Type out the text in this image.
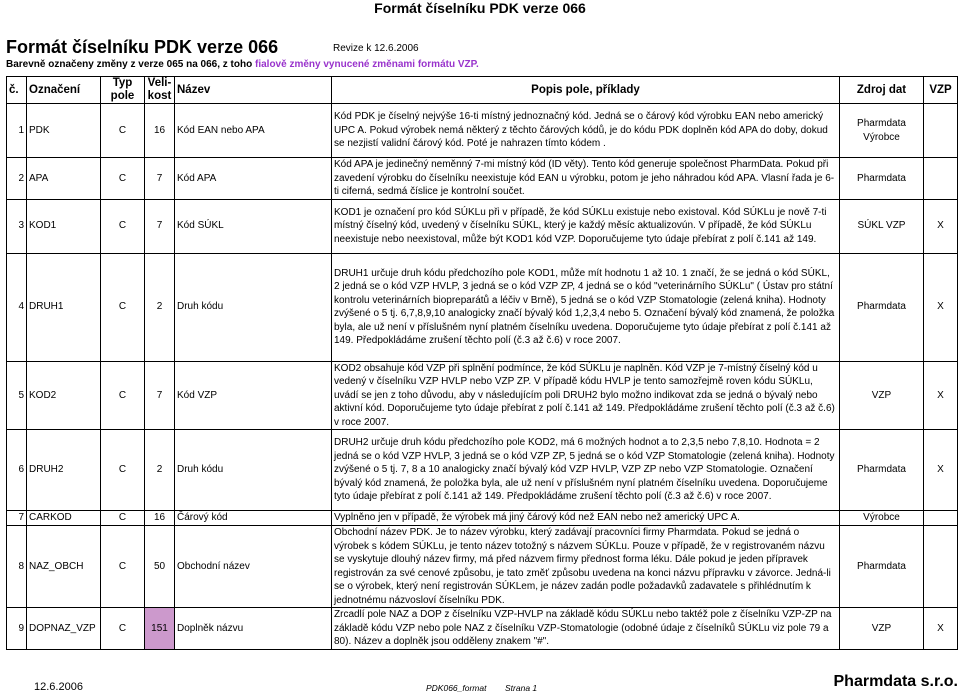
Formát číselníku PDK verze 066
Formát číselníku PDK verze 066	Revize k 12.6.2006
Barevně označeny změny z verze 065 na 066, z toho fialově změny vynucené změnami formátu VZP.
č.	Označení	Typ pole	Veli- kost	Název	Popis pole, příklady	Zdroj dat	VZP
1	PDK	C	16	Kód EAN nebo APA	Kód PDK je číselný nejvýše 16-ti místný jednoznačný kód. Jedná se o čárový kód výrobku EAN nebo americký UPC A. Pokud výrobek nemá některý z těchto čárových kódů, je do kódu PDK doplněn kód APA do doby, dokud se nezjistí validní čárový kód. Poté je nahrazen tímto kódem .	Pharmdata Výrobce	
2	APA	C	7	Kód APA	Kód APA je jedinečný neměnný 7-mi místný kód (ID věty). Tento kód generuje společnost PharmData. Pokud při zavedení výrobku do číselníku neexistuje kód EAN u výrobku, potom je jeho náhradou kód APA. Vlasní řada je 6-ti ciferná, sedmá číslice je kontrolní součet.	Pharmdata	
3	KOD1	C	7	Kód SÚKL	KOD1 je označení pro kód SÚKLu při v případě, že kód SÚKLu existuje nebo existoval. Kód SÚKLu je nově 7-ti místný číselný kód, uvedený v číselníku SÚKL, který je každý měsíc aktualizovún. V případě, že kód SÚKLu neexistuje nebo neexistoval, může být KOD1 kód VZP. Doporučujeme tyto údaje přebírat z polí č.141 až 149.	SÚKL VZP	X
4	DRUH1	C	2	Druh kódu	DRUH1 určuje druh kódu předchozího pole KOD1, může mít hodnotu 1 až 10. 1 značí, že se jedná o kód SÚKL, 2 jedná se o kód VZP HVLP, 3 jedná se o kód VZP ZP, 4 jedná se o kód "veterinárního SÚKLu" ( Ústav pro státní kontrolu veterinárních biopreparátů a léčiv v Brně), 5 jedná se o kód VZP Stomatologie (zelená kniha). Hodnoty zvýšené o 5 tj. 6,7,8,9,10 analogicky značí bývalý kód 1,2,3,4 nebo 5. Označení bývalý kód znamená, že položka byla, ale už není v příslušném nyní platném číselníku uvedena. Doporučujeme tyto údaje přebírat z polí č.141 až 149. Předpokládáme zrušení těchto polí (č.3 až č.6) v roce 2007.	Pharmdata	X
5	KOD2	C	7	Kód VZP	KOD2 obsahuje kód VZP při splnění podmínce, že kód SÚKLu je naplněn. Kód VZP je 7-místný číselný kód u vedený v číselníku VZP HVLP nebo VZP ZP. V případě kódu HVLP je tento samozřejmě roven kódu SÚKLu, uvádí se jen z toho důvodu, aby v následujícím poli DRUH2 bylo možno indikovat zda se jedná o bývalý nebo aktivní kód. Doporučujeme tyto údaje přebírat z polí č.141 až 149. Předpokládáme zrušení těchto polí (č.3 až č.6) v roce 2007.	VZP	X
6	DRUH2	C	2	Druh kódu	DRUH2 určuje druh kódu předchozího pole KOD2, má 6 možných hodnot a to 2,3,5 nebo 7,8,10. Hodnota = 2 jedná se o kód VZP HVLP, 3 jedná se o kód VZP ZP, 5 jedná se o kód VZP Stomatologie (zelená kniha). Hodnoty zvýšené o 5 tj. 7, 8 a 10 analogicky značí bývalý kód VZP HVLP, VZP ZP nebo VZP Stomatologie. Označení bývalý kód znamená, že položka byla, ale už není v příslušném nyní platném číselníku uvedena. Doporučujeme tyto údaje přebírat z polí č.141 až 149. Předpokládáme zrušení těchto polí (č.3 až č.6) v roce 2007.	Pharmdata	X
7	CARKOD	C	16	Čárový kód	Vyplněno jen v případě, že výrobek má jiný čárový kód než EAN nebo než americký UPC A.	Výrobce	
8	NAZ_OBCH	C	50	Obchodní název	Obchodní název PDK. Je to název výrobku, který zadávají pracovníci firmy Pharmdata. Pokud se jedná o výrobek s kódem SÚKLu, je tento název totožný s názvem SÚKLu. Pouze v případě, že v registrovaném názvu se vyskytuje dlouhý název firmy, má před názvem firmy přednost forma léku. Dále pokud je jeden přípravek registrován za své cenové způsobu, je tato změť způsobu uvedena na konci názvu přípravku v závorce. Jedná-li se o výrobek, který není registrován SÚKLem, je název zadán podle požadavků zadavatele s přihlédnutím k jednotnému názvosloví číselníku PDK.	Pharmdata	
9	DOPNAZ_VZP	C	151	Doplněk názvu	Zrcadlí pole NAZ a DOP z číselníku VZP-HVLP na základě kódu SÚKLu nebo taktéž pole z číselníku VZP-ZP na základě kódu VZP nebo pole NAZ z číselníku VZP-Stomatologie (odobné údaje z číselníků SÚKLu viz pole 79 a 80). Název a doplněk jsou odděleny znakem "#".	VZP	X
12.6.2006	PDK066_format Strana 1	Pharmdata s.r.o.
